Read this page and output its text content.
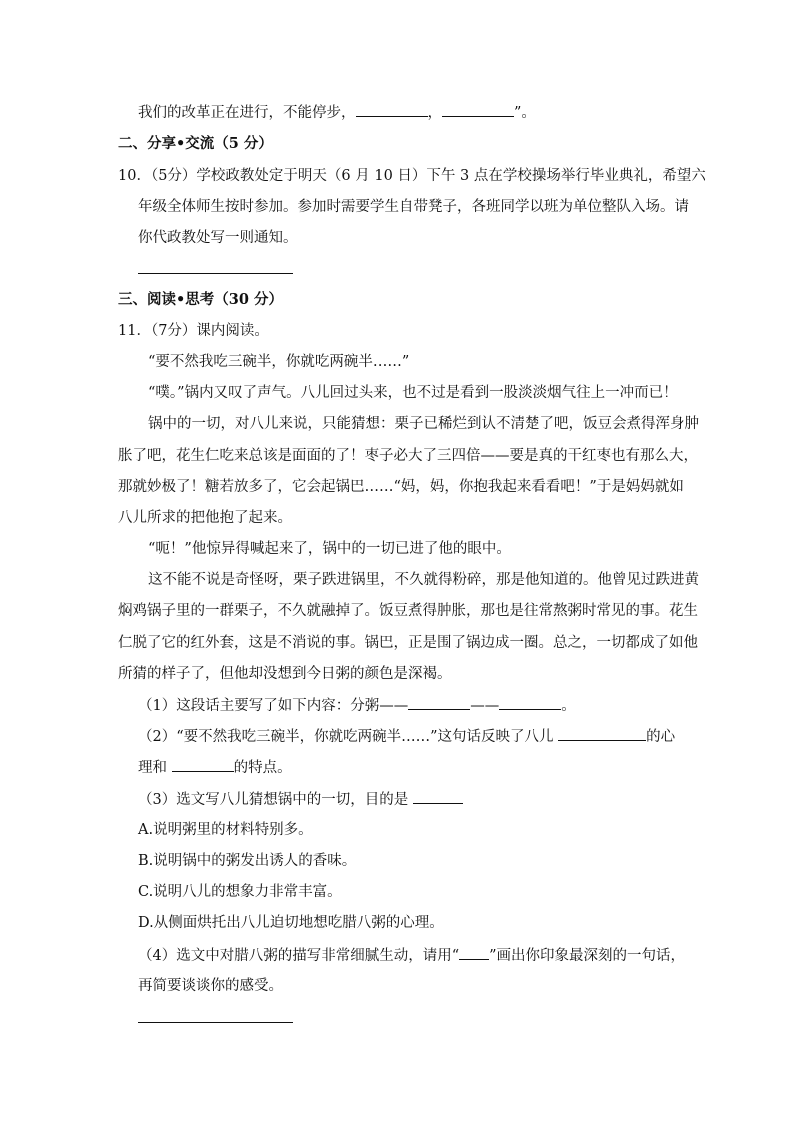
我们的改革正在进行，不能停步，	，	”。
二、分享•交流（5 分）
10．（5分）学校政教处定于明天（6 月 10 日）下午 3 点在学校操场举行毕业典礼，希望六
年级全体师生按时参加。参加时需要学生自带凳子，各班同学以班为单位整队入场。请
你代政教处写一则通知。
三、阅读•思考（30 分）
11．（7分）课内阅读。
“要不然我吃三碗半，你就吃两碗半……”
“噗。”锅内又叹了声气。八儿回过头来，也不过是看到一股淡淡烟气往上一冲而已！
锅中的一切，对八儿来说，只能猜想：栗子已稀烂到认不清楚了吧，饭豆会煮得浑身肿
胀了吧，花生仁吃来总该是面面的了！枣子必大了三四倍——要是真的干红枣也有那么大，
那就妙极了！糖若放多了，它会起锅巴……“妈，妈，你抱我起来看看吧！”于是妈妈就如
八儿所求的把他抱了起来。
“呃！”他惊异得喊起来了，锅中的一切已进了他的眼中。
这不能不说是奇怪呀，栗子跌进锅里，不久就得粉碎，那是他知道的。他曾见过跌进黄
焖鸡锅子里的一群栗子，不久就融掉了。饭豆煮得肿胀，那也是往常熬粥时常见的事。花生
仁脱了它的红外套，这是不消说的事。锅巴，正是围了锅边成一圈。总之，一切都成了如他
所猜的样子了，但他却没想到今日粥的颜色是深褐。
（1）这段话主要写了如下内容：分粥——	——	。
（2）“要不然我吃三碗半，你就吃两碗半……”这句话反映了八儿	的心
理和	的特点。
（3）选文写八儿猜想锅中的一切，目的是
A.说明粥里的材料特别多。
B.说明锅中的粥发出诱人的香味。
C.说明八儿的想象力非常丰富。
D.从侧面烘托出八儿迫切地想吃腊八粥的心理。
（4）选文中对腊八粥的描写非常细腻生动，请用“ ”画出你印象最深刻的一句话，
再简要谈谈你的感受。
